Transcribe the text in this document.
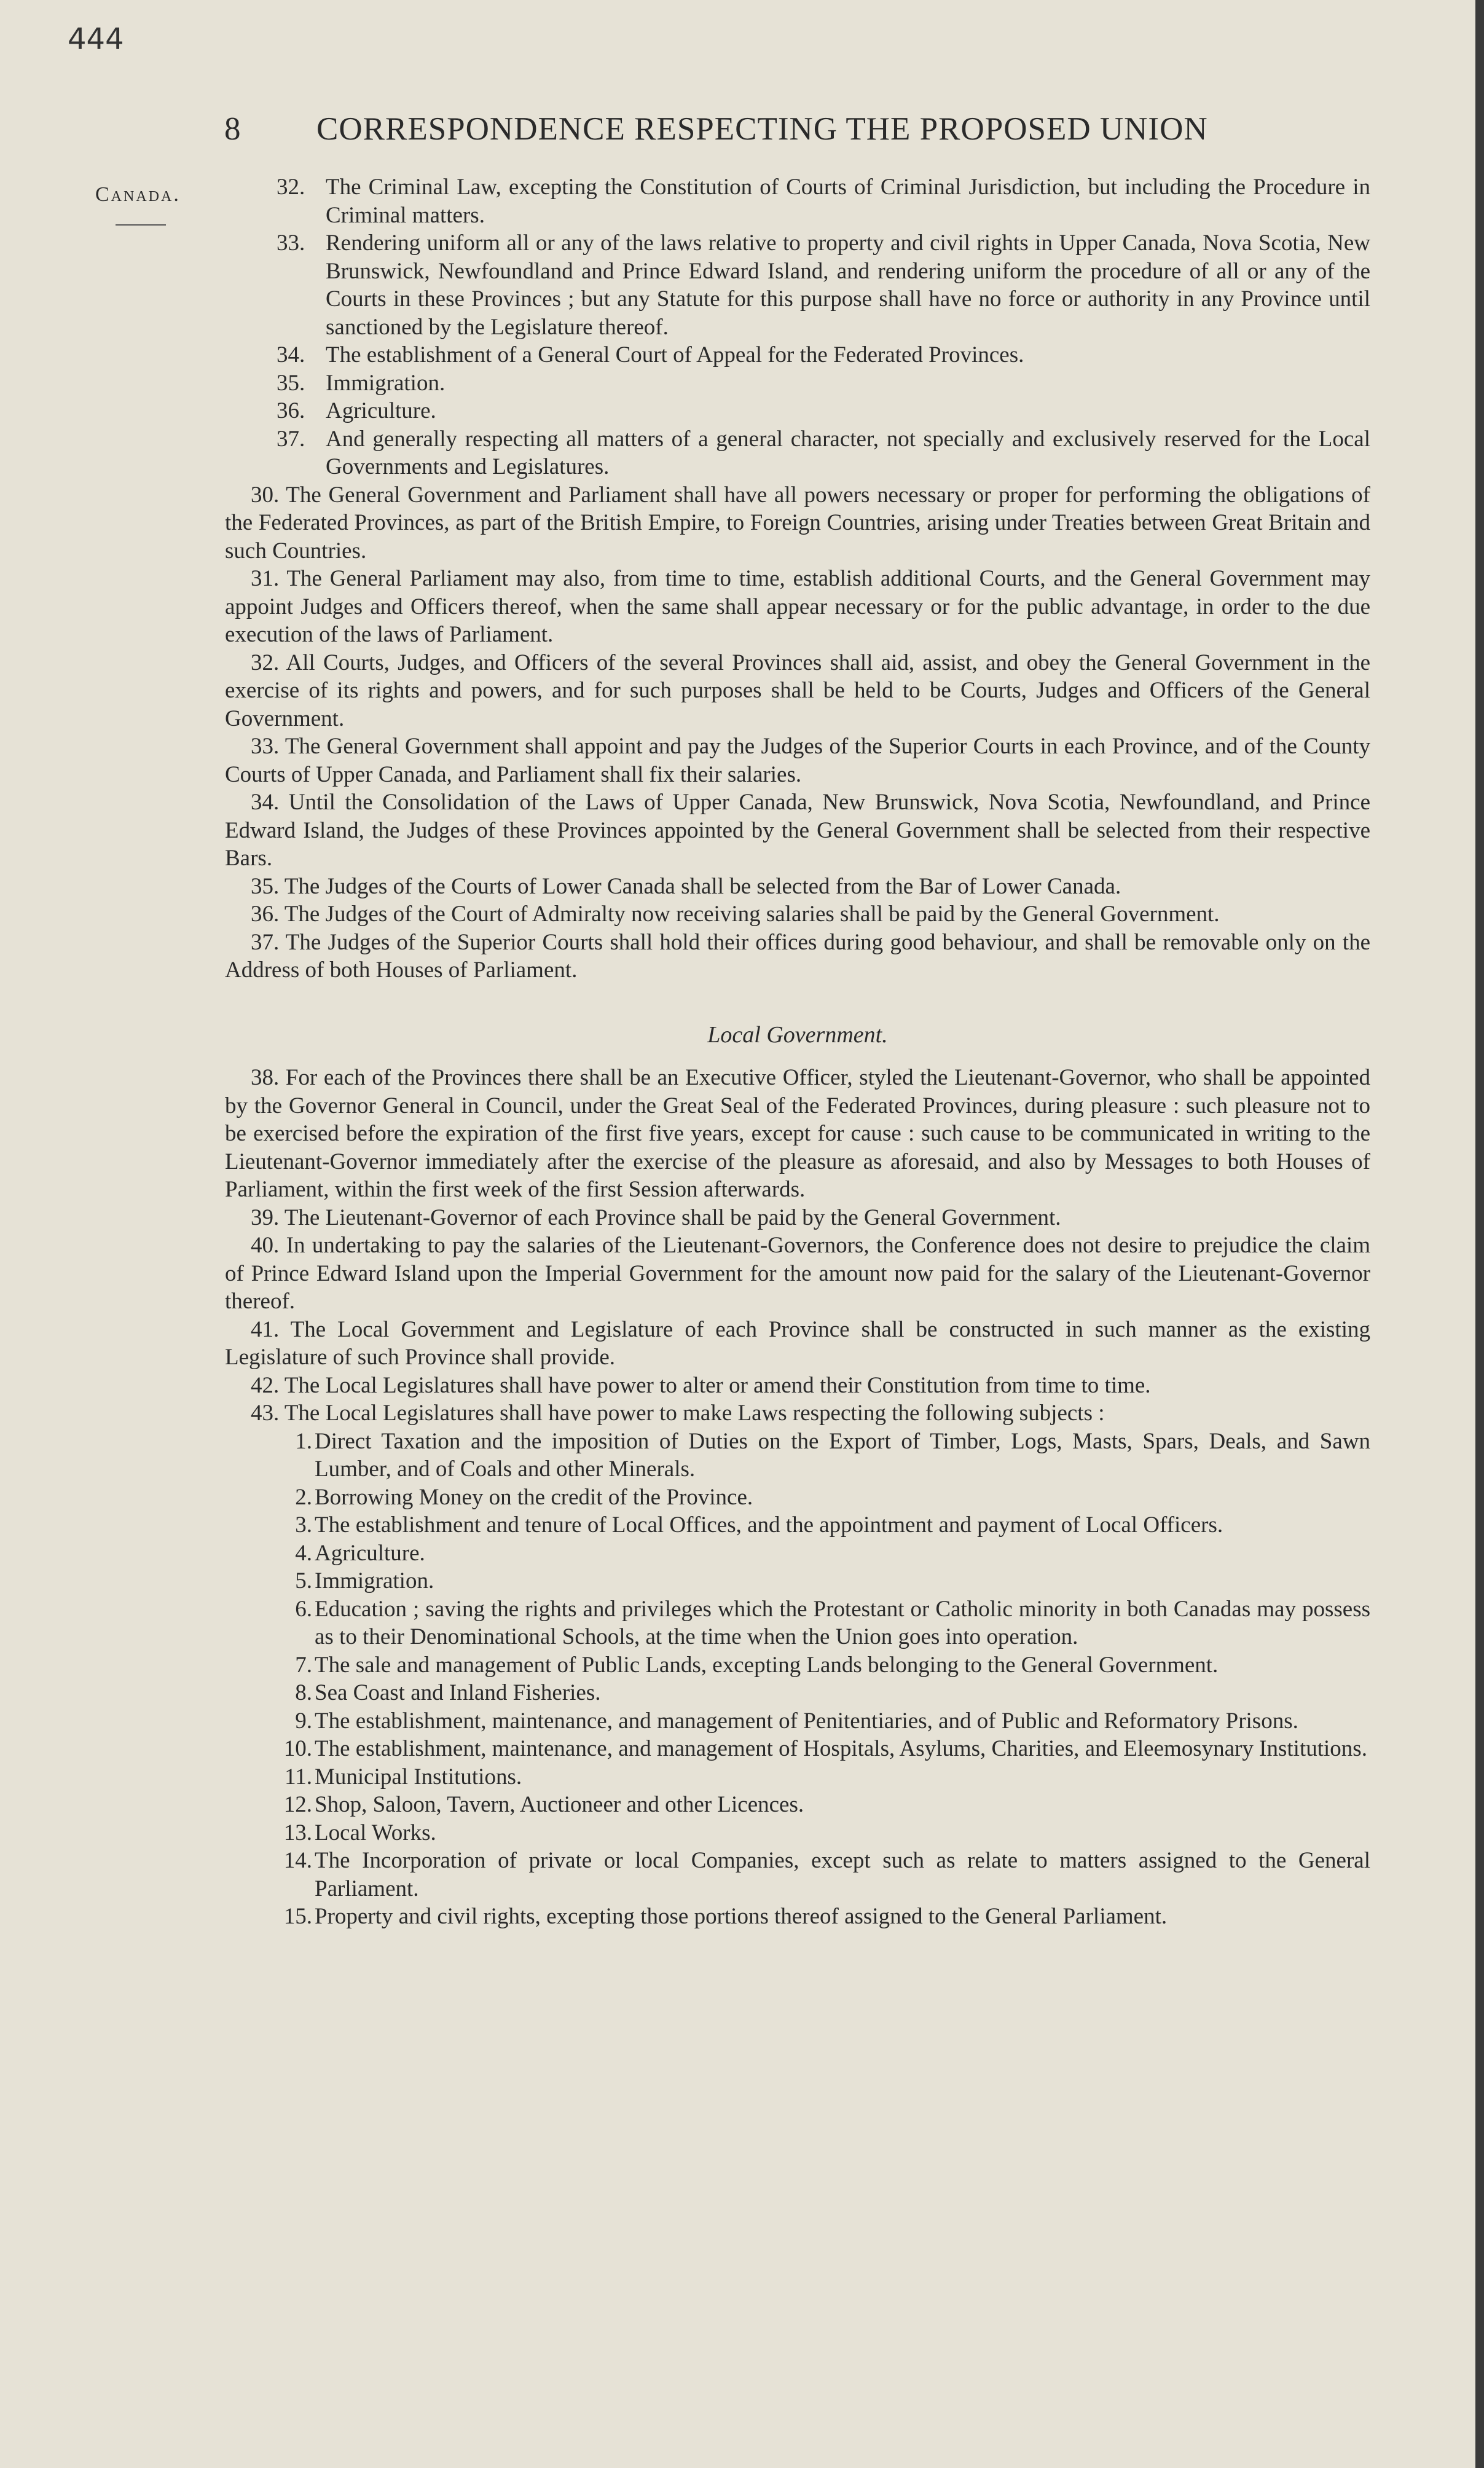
444
8 CORRESPONDENCE RESPECTING THE PROPOSED UNION
Canada.	32. The Criminal Law, excepting the Constitution of Courts of Criminal Jurisdiction, but including the Procedure in Criminal matters.

33. Rendering uniform all or any of the laws relative to property and civil rights in Upper Canada, Nova Scotia, New Brunswick, Newfoundland and Prince Edward Island, and rendering uniform the procedure of all or any of the Courts in these Provinces ; but any Statute for this purpose shall have no force or authority in any Province until sanctioned by the Legislature thereof.

34. The establishment of a General Court of Appeal for the Federated Provinces.

35. Immigration.

36. Agriculture.

37. And generally respecting all matters of a general character, not specially and exclusively reserved for the Local Governments and Legislatures.

30. The General Government and Parliament shall have all powers necessary or proper for performing the obligations of the Federated Provinces, as part of the British Empire, to Foreign Countries, arising under Treaties between Great Britain and such Countries.

31. The General Parliament may also, from time to time, establish additional Courts, and the General Government may appoint Judges and Officers thereof, when the same shall appear necessary or for the public advantage, in order to the due execution of the laws of Parliament.

32. All Courts, Judges, and Officers of the several Provinces shall aid, assist, and obey the General Government in the exercise of its rights and powers, and for such purposes shall be held to be Courts, Judges and Officers of the General Government.

33. The General Government shall appoint and pay the Judges of the Superior Courts in each Province, and of the County Courts of Upper Canada, and Parliament shall fix their salaries.

34. Until the Consolidation of the Laws of Upper Canada, New Brunswick, Nova Scotia, Newfoundland, and Prince Edward Island, the Judges of these Provinces appointed by the General Government shall be selected from their respective Bars.

35. The Judges of the Courts of Lower Canada shall be selected from the Bar of Lower Canada.

36. The Judges of the Court of Admiralty now receiving salaries shall be paid by the General Government.

37. The Judges of the Superior Courts shall hold their offices during good behaviour, and shall be removable only on the Address of both Houses of Parliament.

Local Government.

38. For each of the Provinces there shall be an Executive Officer, styled the Lieutenant-Governor, who shall be appointed by the Governor General in Council, under the Great Seal of the Federated Provinces, during pleasure : such pleasure not to be exercised before the expiration of the first five years, except for cause : such cause to be communicated in writing to the Lieutenant-Governor immediately after the exercise of the pleasure as aforesaid, and also by Messages to both Houses of Parliament, within the first week of the first Session afterwards.

39. The Lieutenant-Governor of each Province shall be paid by the General Government.

40. In undertaking to pay the salaries of the Lieutenant-Governors, the Conference does not desire to prejudice the claim of Prince Edward Island upon the Imperial Government for the amount now paid for the salary of the Lieutenant-Governor thereof.

41. The Local Government and Legislature of each Province shall be constructed in such manner as the existing Legislature of such Province shall provide.

42. The Local Legislatures shall have power to alter or amend their Constitution from time to time.

43. The Local Legislatures shall have power to make Laws respecting the following subjects :

1. Direct Taxation and the imposition of Duties on the Export of Timber, Logs, Masts, Spars, Deals, and Sawn Lumber, and of Coals and other Minerals.

2. Borrowing Money on the credit of the Province.

3. The establishment and tenure of Local Offices, and the appointment and payment of Local Officers.

4. Agriculture.

5. Immigration.

6. Education ; saving the rights and privileges which the Protestant or Catholic minority in both Canadas may possess as to their Denominational Schools, at the time when the Union goes into operation.

7. The sale and management of Public Lands, excepting Lands belonging to the General Government.

8. Sea Coast and Inland Fisheries.

9. The establishment, maintenance, and management of Penitentiaries, and of Public and Reformatory Prisons.

10. The establishment, maintenance, and management of Hospitals, Asylums, Charities, and Eleemosynary Institutions.

11. Municipal Institutions.

12. Shop, Saloon, Tavern, Auctioneer and other Licences.

13. Local Works.

14. The Incorporation of private or local Companies, except such as relate to matters assigned to the General Parliament.

15. Property and civil rights, excepting those portions thereof assigned to the General Parliament.
